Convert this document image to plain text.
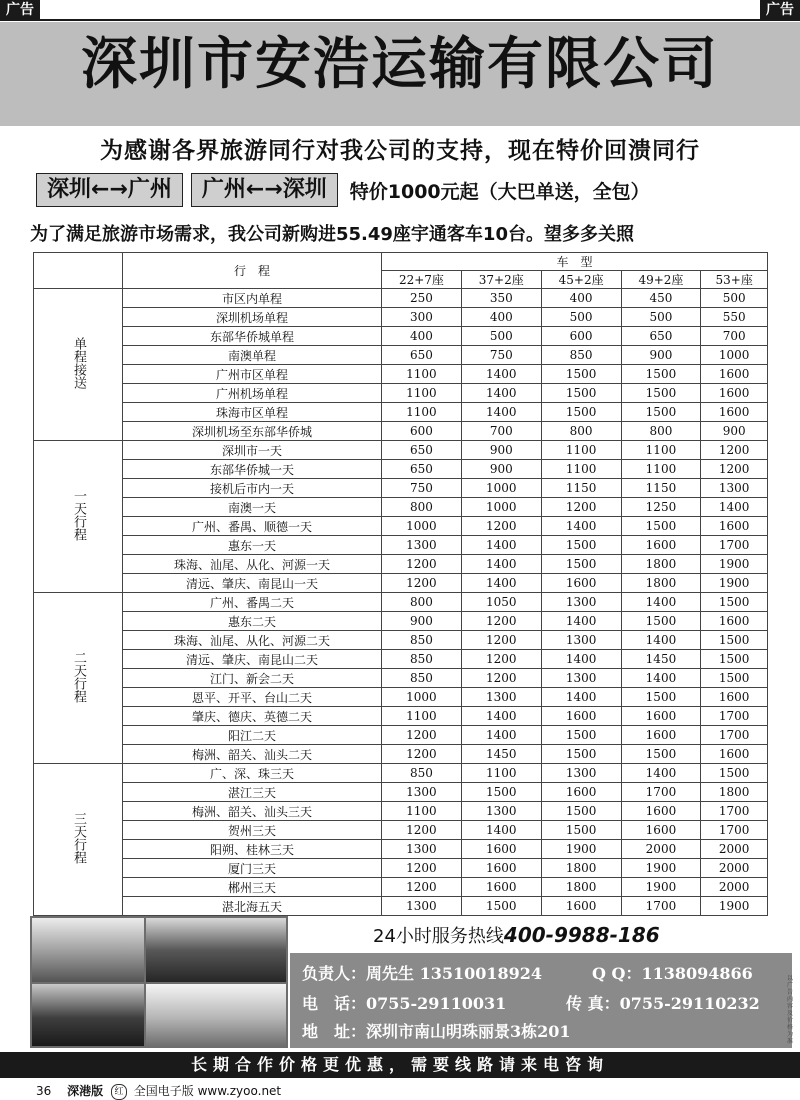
广告	广告
深圳市安浩运输有限公司
为感谢各界旅游同行对我公司的支持，现在特价回溃同行
深圳←→广州	广州←→深圳	特价1000元起（大巴单送，全包）
为了满足旅游市场需求，我公司新购进55.49座宇通客车10台。望多多关照
	行　程	车　型				
		22+7座	37+2座	45+2座	49+2座	53+座
单程接送	市区内单程	250	350	400	450	500
	深圳机场单程	300	400	500	500	550
	东部华侨城单程	400	500	600	650	700
	南澳单程	650	750	850	900	1000
	广州市区单程	1100	1400	1500	1500	1600
	广州机场单程	1100	1400	1500	1500	1600
	珠海市区单程	1100	1400	1500	1500	1600
	深圳机场至东部华侨城	600	700	800	800	900
一天行程	深圳市一天	650	900	1100	1100	1200
	东部华侨城一天	650	900	1100	1100	1200
	接机后市内一天	750	1000	1150	1150	1300
	南澳一天	800	1000	1200	1250	1400
	广州、番禺、顺德一天	1000	1200	1400	1500	1600
	惠东一天	1300	1400	1500	1600	1700
	珠海、汕尾、从化、河源一天	1200	1400	1500	1800	1900
	清远、肇庆、南昆山一天	1200	1400	1600	1800	1900
二天行程	广州、番禺二天	800	1050	1300	1400	1500
	惠东二天	900	1200	1400	1500	1600
	珠海、汕尾、从化、河源二天	850	1200	1300	1400	1500
	清远、肇庆、南昆山二天	850	1200	1400	1450	1500
	江门、新会二天	850	1200	1300	1400	1500
	恩平、开平、台山二天	1000	1300	1400	1500	1600
	肇庆、德庆、英德二天	1100	1400	1600	1600	1700
	阳江二天	1200	1400	1500	1600	1700
	梅洲、韶关、汕头二天	1200	1450	1500	1500	1600
三天行程	广、深、珠三天	850	1100	1300	1400	1500
	湛江三天	1300	1500	1600	1700	1800
	梅洲、韶关、汕头三天	1100	1300	1500	1600	1700
	贺州三天	1200	1400	1500	1600	1700
	阳朔、桂林三天	1300	1600	1900	2000	2000
	厦门三天	1200	1600	1800	1900	2000
	郴州三天	1200	1600	1800	1900	2000
	湛北海五天	1300	1500	1600	1700	1900
24小时服务热线400-9988-186
负责人：周先生 13510018924	Q Q：1138094866
电　话：0755-29110031	传 真：0755-29110232
地　址：深圳市南山明珠丽景3栋201
以广告内容及价格为准
长期合作价格更优惠，需要线路请来电咨询
36 深港版 红 全国电子版 www.zyoo.net
